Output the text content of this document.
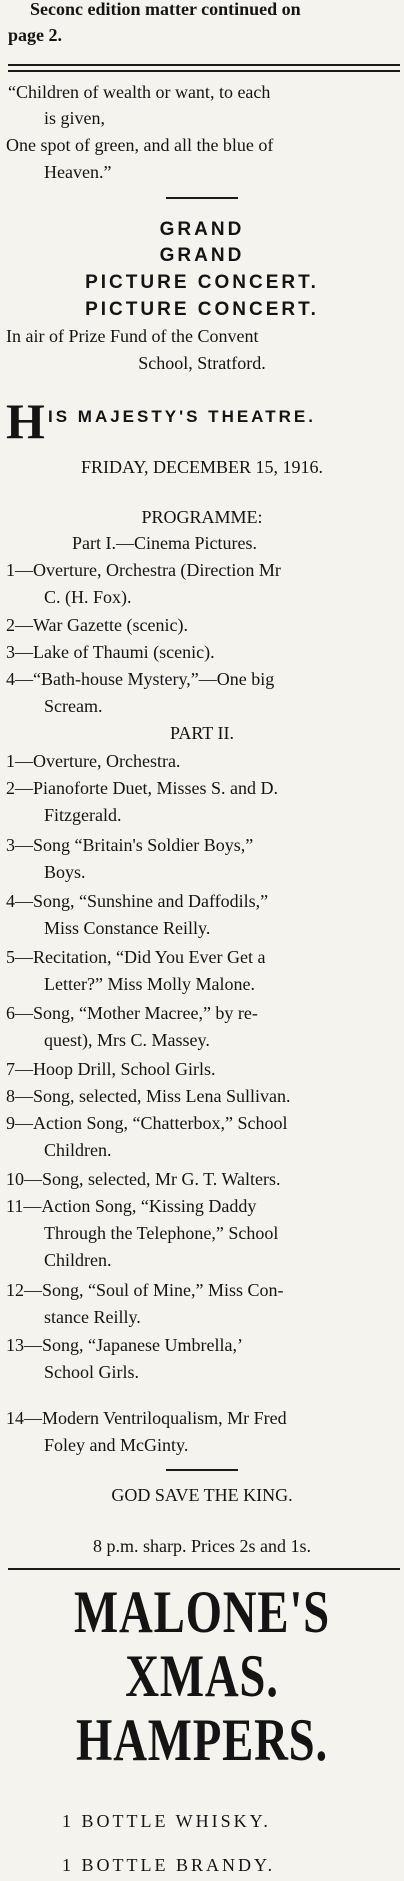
Seconc edition matter continued on
page 2.
“Children of wealth or want, to each
is given,
One spot of green, and all the blue of
Heaven.”
GRAND
GRAND
PICTURE CONCERT.
PICTURE CONCERT.
In air of Prize Fund of the Convent
School, Stratford.
H IS MAJESTY'S THEATRE.
FRIDAY, DECEMBER 15, 1916.
PROGRAMME:
Part I.—Cinema Pictures.
1—Overture, Orchestra (Direction Mr
C. (H. Fox).
2—War Gazette (scenic).
3—Lake of Thaumi (scenic).
4—“Bath-house Mystery,”—One big
Scream.
PART II.
1—Overture, Orchestra.
2—Pianoforte Duet, Misses S. and D.
Fitzgerald.
3—Song “Britain's Soldier Boys,”
Boys.
4—Song, “Sunshine and Daffodils,”
Miss Constance Reilly.
5—Recitation, “Did You Ever Get a
Letter?” Miss Molly Malone.
6—Song, “Mother Macree,” by re-
quest), Mrs C. Massey.
7—Hoop Drill, School Girls.
8—Song, selected, Miss Lena Sullivan.
9—Action Song, “Chatterbox,” School
Children.
10—Song, selected, Mr G. T. Walters.
11—Action Song, “Kissing Daddy
Through the Telephone,” School
Children.
12—Song, “Soul of Mine,” Miss Con-
stance Reilly.
13—Song, “Japanese Umbrella,’
School Girls.
14—Modern Ventriloqualism, Mr Fred
Foley and McGinty.
GOD SAVE THE KING.
8 p.m. sharp. Prices 2s and 1s.
MALONE'S
XMAS.
HAMPERS.
1 BOTTLE WHISKY.
1 BOTTLE BRANDY.
